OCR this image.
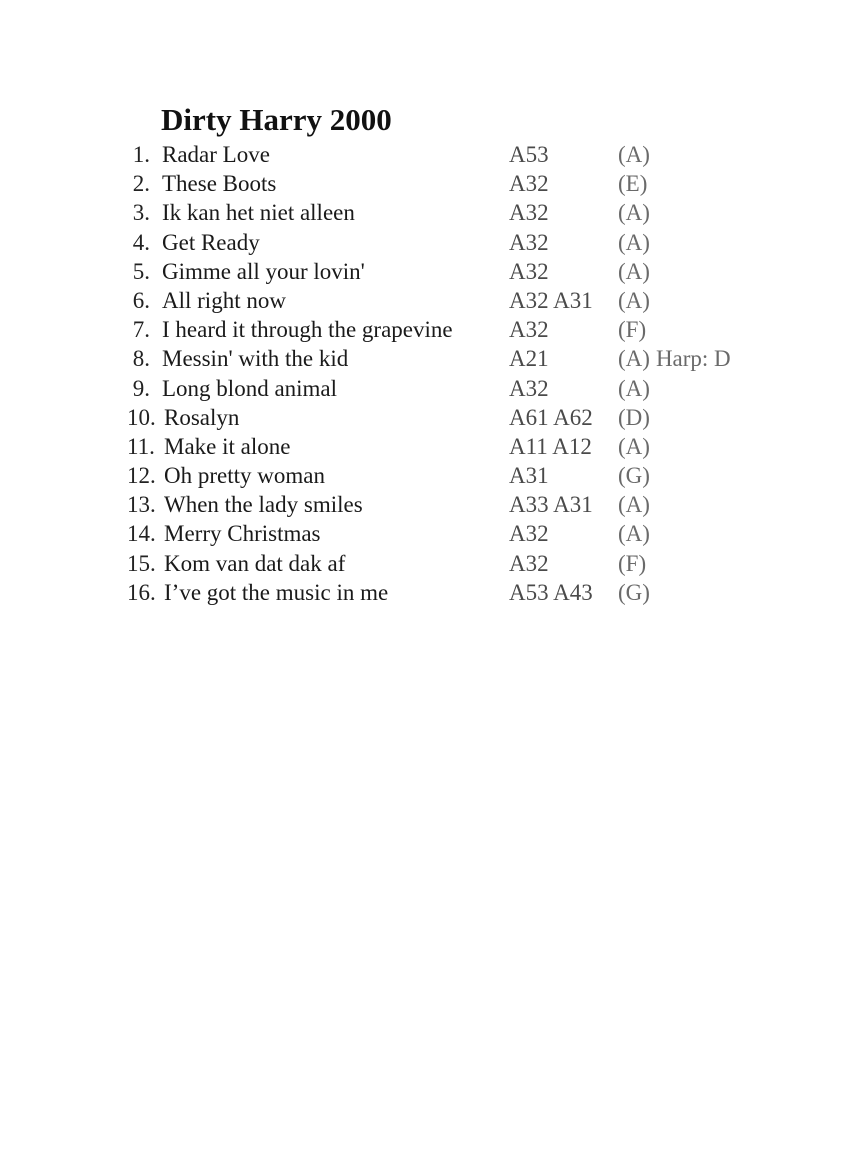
Dirty Harry 2000
1. Radar Love	A53	(A)
2. These Boots	A32	(E)
3. Ik kan het niet alleen	A32	(A)
4. Get Ready	A32	(A)
5. Gimme all your lovin'	A32	(A)
6. All right now	A32 A31 (A)
7. I heard it through the grapevine A32	(F)
8. Messin' with the kid	A21	(A) Harp: D
9. Long blond animal	A32	(A)
10. Rosalyn	A61 A62 (D)
11. Make it alone	A11 A12 (A)
12. Oh pretty woman	A31	(G)
13. When the lady smiles	A33 A31 (A)
14. Merry Christmas	A32	(A)
15. Kom van dat dak af	A32	(F)
16. I’ve got the music in me	A53 A43 (G)
